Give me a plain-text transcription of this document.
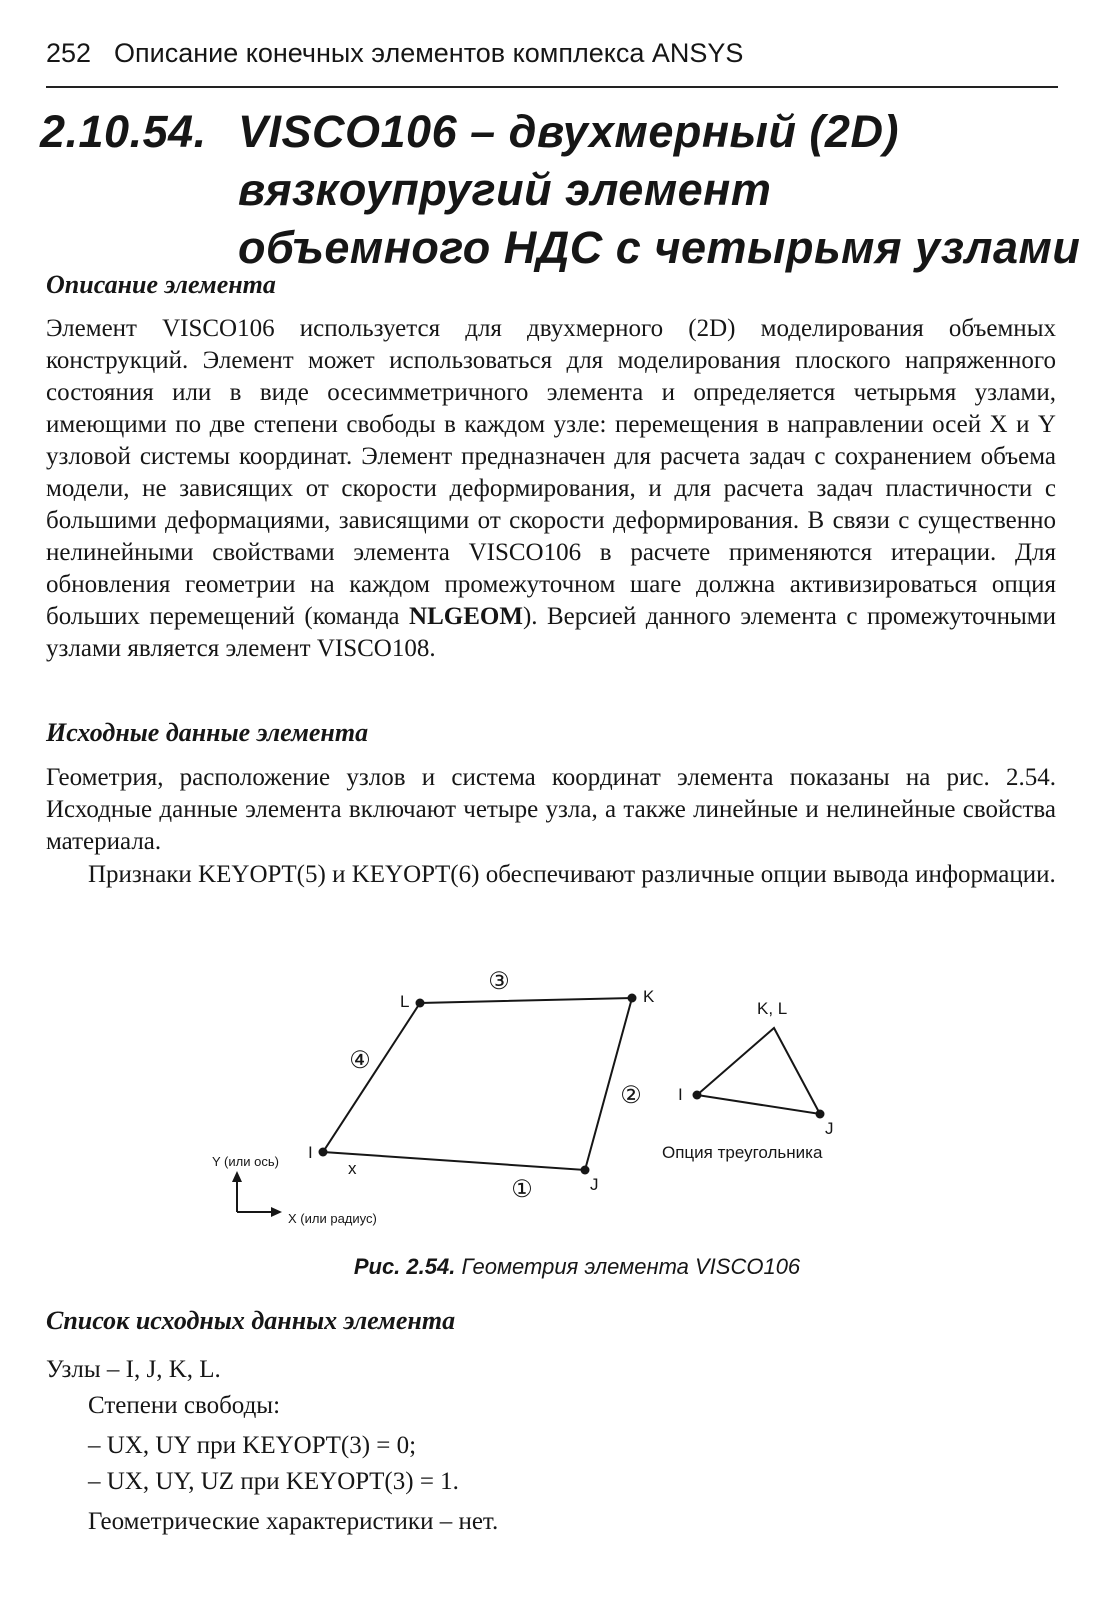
252 Описание конечных элементов комплекса ANSYS
2.10.54. VISCO106 – двухмерный (2D)
вязкоупругий элемент
объемного НДС с четырьмя узлами
Описание элемента

Элемент VISCO106 используется для двухмерного (2D) моделирования объемных конструкций. Элемент может использоваться для моделирования плоского напряженного состояния или в виде осесимметричного элемента и определяется четырьмя узлами, имеющими по две степени свободы в каждом узле: перемещения в направлении осей X и Y узловой системы координат. Элемент предназначен для расчета задач с сохранением объема модели, не зависящих от скорости деформирования, и для расчета задач пластичности с большими деформациями, зависящими от скорости деформирования. В связи с существенно нелинейными свойствами элемента VISCO106 в расчете применяются итерации. Для обновления геометрии на каждом промежуточном шаге должна активизироваться опция больших перемещений (команда NLGEOM). Версией данного элемента с промежуточными узлами является элемент VISCO108.

Исходные данные элемента

Геометрия, расположение узлов и система координат элемента показаны на рис. 2.54. Исходные данные элемента включают четыре узла, а также линейные и нелинейные свойства материала.

Признаки KEYOPT(5) и KEYOPT(6) обеспечивают различные опции вывода информации.

I
J
K
L
①
②
③
④
x
Y (или ось)
X (или радиус)
K, L
I
J
Опция треугольника

Рис. 2.54. Геометрия элемента VISCO106

Список исходных данных элемента
Узлы – I, J, K, L.
Степени свободы:
– UX, UY при KEYOPT(3) = 0;
– UX, UY, UZ при KEYOPT(3) = 1.
Геометрические характеристики – нет.
